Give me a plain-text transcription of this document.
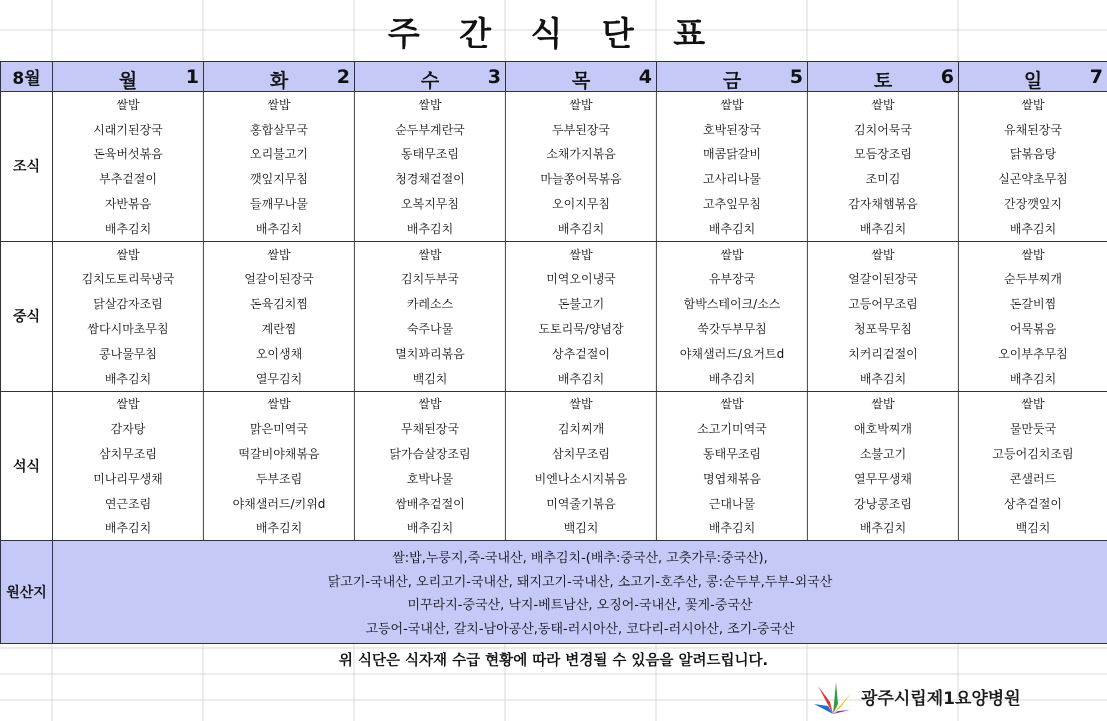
주 간 식 단 표
8월	월 1	화 2	수 3	목 4	금 5	토 6	일 7

조식	쌀밥	쌀밥	쌀밥	쌀밥	쌀밥	쌀밥	쌀밥
	시래기된장국	홍합살무국	순두부계란국	두부된장국	호박된장국	김치어묵국	유채된장국
	돈육버섯볶음	오리불고기	동태무조림	소채가지볶음	매콤닭갈비	모듬장조림	닭볶음탕
	부추겉절이	깻잎지무침	청경채겉절이	마늘쫑어묵볶음	고사리나물	조미김	실곤약초무침
	자반볶음	들깨무나물	오복지무침	오이지무침	고추잎무침	감자채햄볶음	간장깻잎지
	배추김치	배추김치	배추김치	배추김치	배추김치	배추김치	배추김치
중식	쌀밥	쌀밥	쌀밥	쌀밥	쌀밥	쌀밥	쌀밥
	김치도토리묵냉국	얼갈이된장국	김치두부국	미역오이냉국	유부장국	얼갈이된장국	순두부찌개
	닭살감자조림	돈육김치찜	카레소스	돈불고기	함박스테이크/소스	고등어무조림	돈갈비찜
	쌈다시마초무침	계란찜	숙주나물	도토리묵/양념장	쑥갓두부무침	청포묵무침	어묵볶음
	콩나물무침	오이생채	멸치꽈리볶음	상추겉절이	야채샐러드/요거트d	치커리겉절이	오이부추무침
	배추김치	열무김치	백김치	배추김치	배추김치	배추김치	배추김치
석식	쌀밥	쌀밥	쌀밥	쌀밥	쌀밥	쌀밥	쌀밥
	감자탕	맑은미역국	무채된장국	김치찌개	소고기미역국	애호박찌개	물만둣국
	삼치무조림	떡갈비야채볶음	닭가슴살장조림	삼치무조림	동태무조림	소불고기	고등어김치조림
	미나리무생채	두부조림	호박나물	비엔나소시지볶음	명엽채볶음	열무무생채	콘샐러드
	연근조림	야채샐러드/키위d	쌈배추겉절이	미역줄기볶음	근대나물	강낭콩조림	상추겉절이
	배추김치	배추김치	배추김치	백김치	배추김치	배추김치	백김치
원산지	쌀:밥,누룽지,죽-국내산, 배추김치-(배추:중국산, 고춧가루:중국산),
닭고기-국내산, 오리고기-국내산, 돼지고기-국내산, 소고기-호주산, 콩:순두부,두부-외국산
미꾸라지-중국산, 낙지-베트남산, 오징어-국내산, 꽃게-중국산
고등어-국내산, 갈치-남아공산,동태-러시아산, 코다리-러시아산, 조기-중국산						
위 식단은 식자재 수급 현황에 따라 변경될 수 있음을 알려드립니다.
광주시립제1요양병원
